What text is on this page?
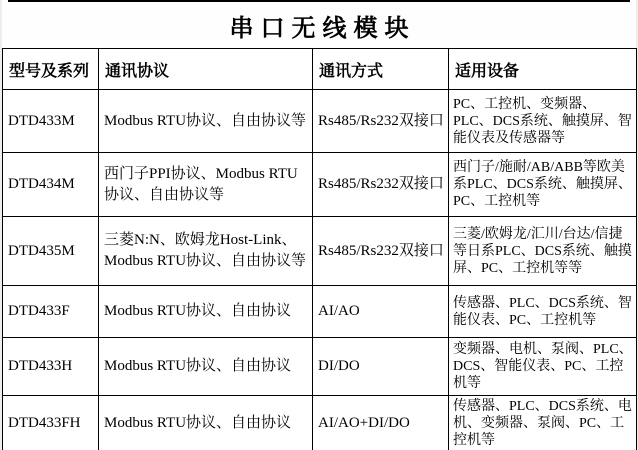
串口无线模块
型号及系列	通讯协议	通讯方式	适用设备
DTD433M	Modbus RTU协议、自由协议等	Rs485/Rs232双接口	PC、工控机、变频器、PLC、DCS系统、触摸屏、智能仪表及传感器等
DTD434M	西门子PPI协议、Modbus RTU协议、自由协议等	Rs485/Rs232双接口	西门子/施耐/AB/ABB等欧美系PLC、DCS系统、触摸屏、PC、工控机等
DTD435M	三菱N:N、欧姆龙Host-Link、Modbus RTU协议、自由协议等	Rs485/Rs232双接口	三菱/欧姆龙/汇川/台达/信捷等日系PLC、DCS系统、触摸屏、PC、工控机等等
DTD433F	Modbus RTU协议、自由协议	AI/AO	传感器、PLC、DCS系统、智能仪表、PC、工控机等
DTD433H	Modbus RTU协议、自由协议	DI/DO	变频器、电机、泵阀、PLC、DCS、智能仪表、PC、工控机等
DTD433FH	Modbus RTU协议、自由协议	AI/AO+DI/DO	传感器、PLC、DCS系统、电机、变频器、泵阀、PC、工控机等
